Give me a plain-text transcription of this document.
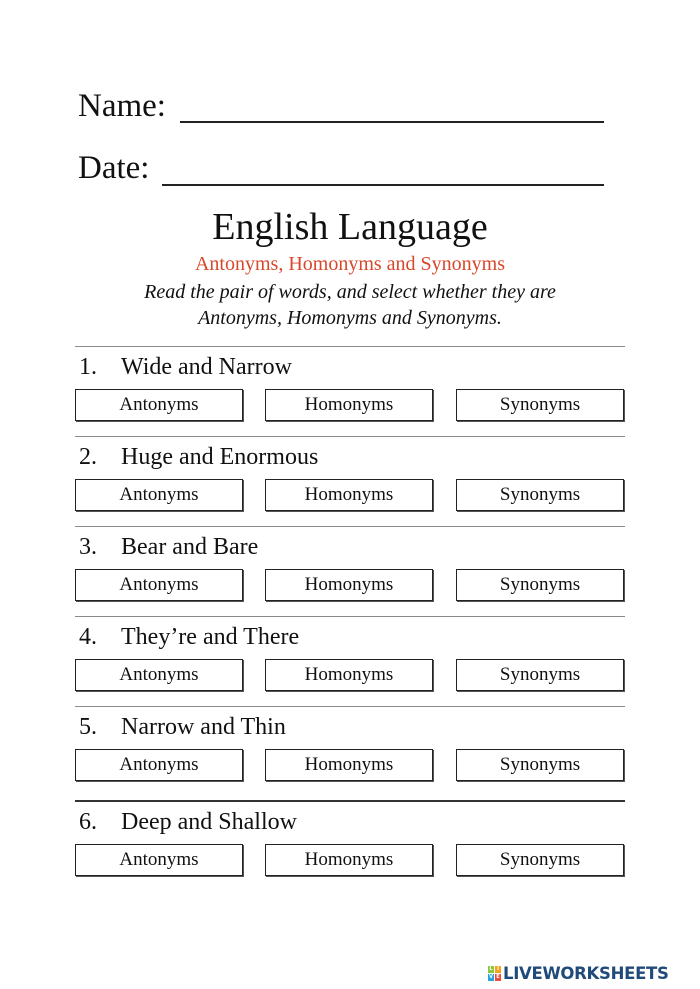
Name:
Date:
English Language
Antonyms, Homonyms and Synonyms
Read the pair of words, and select whether they are
Antonyms, Homonyms and Synonyms.
1. Wide and Narrow
Antonyms	Homonyms	Synonyms
2. Huge and Enormous
Antonyms	Homonyms	Synonyms
3. Bear and Bare
Antonyms	Homonyms	Synonyms
4. They’re and There
Antonyms	Homonyms	Synonyms
5. Narrow and Thin
Antonyms	Homonyms	Synonyms
6. Deep and Shallow
Antonyms	Homonyms	Synonyms
L I
V E LIVEWORKSHEETS
